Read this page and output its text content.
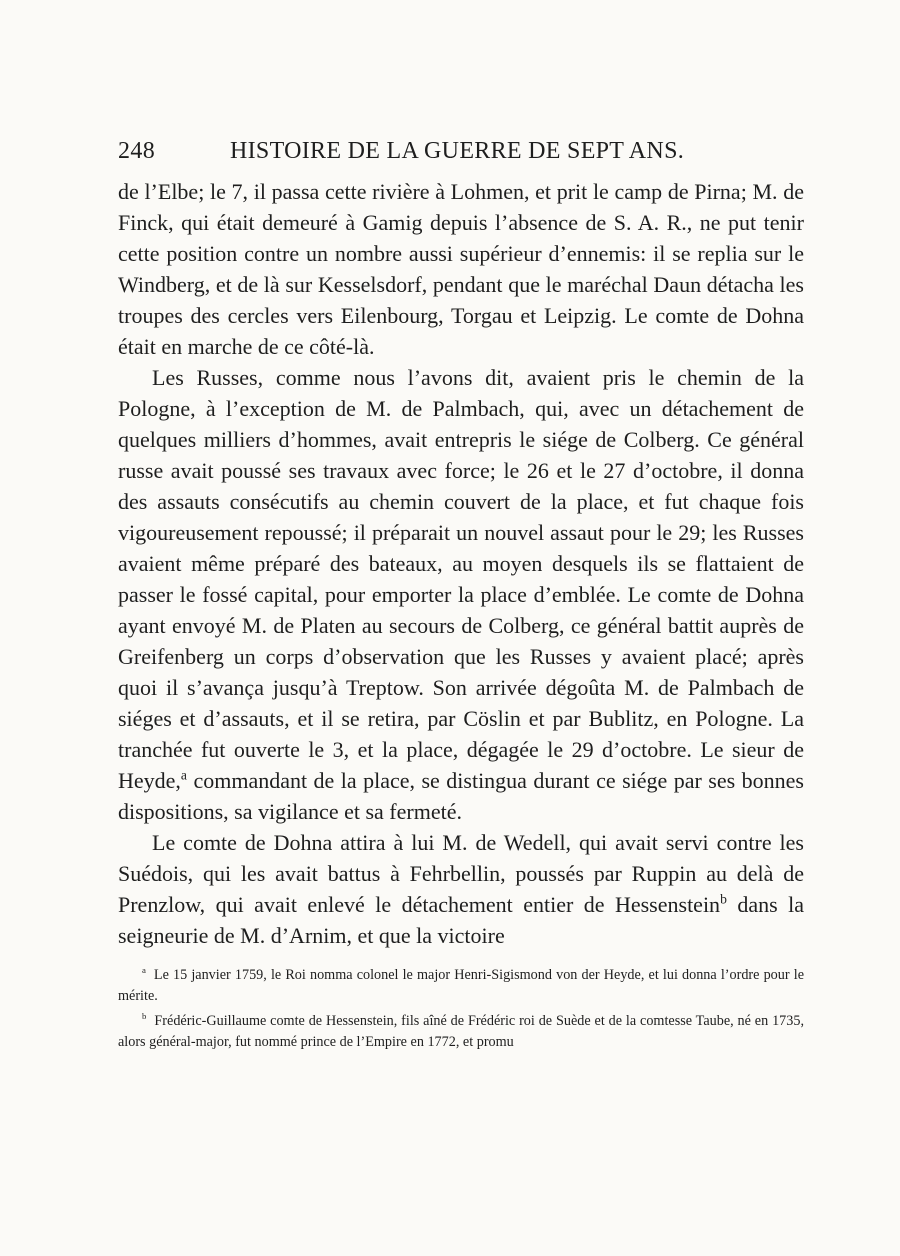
248	HISTOIRE DE LA GUERRE DE SEPT ANS.

de l’Elbe; le 7, il passa cette rivière à Lohmen, et prit le camp de Pirna; M. de Finck, qui était demeuré à Gamig depuis l’absence de S. A. R., ne put tenir cette position contre un nombre aussi supérieur d’ennemis: il se replia sur le Windberg, et de là sur Kesselsdorf, pendant que le maréchal Daun détacha les troupes des cercles vers Eilenbourg, Torgau et Leipzig. Le comte de Dohna était en marche de ce côté-là.

Les Russes, comme nous l’avons dit, avaient pris le chemin de la Pologne, à l’exception de M. de Palmbach, qui, avec un détachement de quelques milliers d’hommes, avait entrepris le siége de Colberg. Ce général russe avait poussé ses travaux avec force; le 26 et le 27 d’octobre, il donna des assauts consécutifs au chemin couvert de la place, et fut chaque fois vigoureusement repoussé; il préparait un nouvel assaut pour le 29; les Russes avaient même préparé des bateaux, au moyen desquels ils se flattaient de passer le fossé capital, pour emporter la place d’emblée. Le comte de Dohna ayant envoyé M. de Platen au secours de Colberg, ce général battit auprès de Greifenberg un corps d’observation que les Russes y avaient placé; après quoi il s’avança jusqu’à Treptow. Son arrivée dégoûta M. de Palmbach de siéges et d’assauts, et il se retira, par Cöslin et par Bublitz, en Pologne. La tranchée fut ouverte le 3, et la place, dégagée le 29 d’octobre. Le sieur de Heyde,$^a$ commandant de la place, se distingua durant ce siége par ses bonnes dispositions, sa vigilance et sa fermeté.

Le comte de Dohna attira à lui M. de Wedell, qui avait servi contre les Suédois, qui les avait battus à Fehrbellin, poussés par Ruppin au delà de Prenzlow, qui avait enlevé le détachement entier de Hessenstein$^b$ dans la seigneurie de M. d’Arnim, et que la victoire

$^a$ Le 15 janvier 1759, le Roi nomma colonel le major Henri-Sigismond von der Heyde, et lui donna l’ordre pour le mérite.

$^b$ Frédéric-Guillaume comte de Hessenstein, fils aîné de Frédéric roi de Suède et de la comtesse Taube, né en 1735, alors général-major, fut nommé prince de l’Empire en 1772, et promu
